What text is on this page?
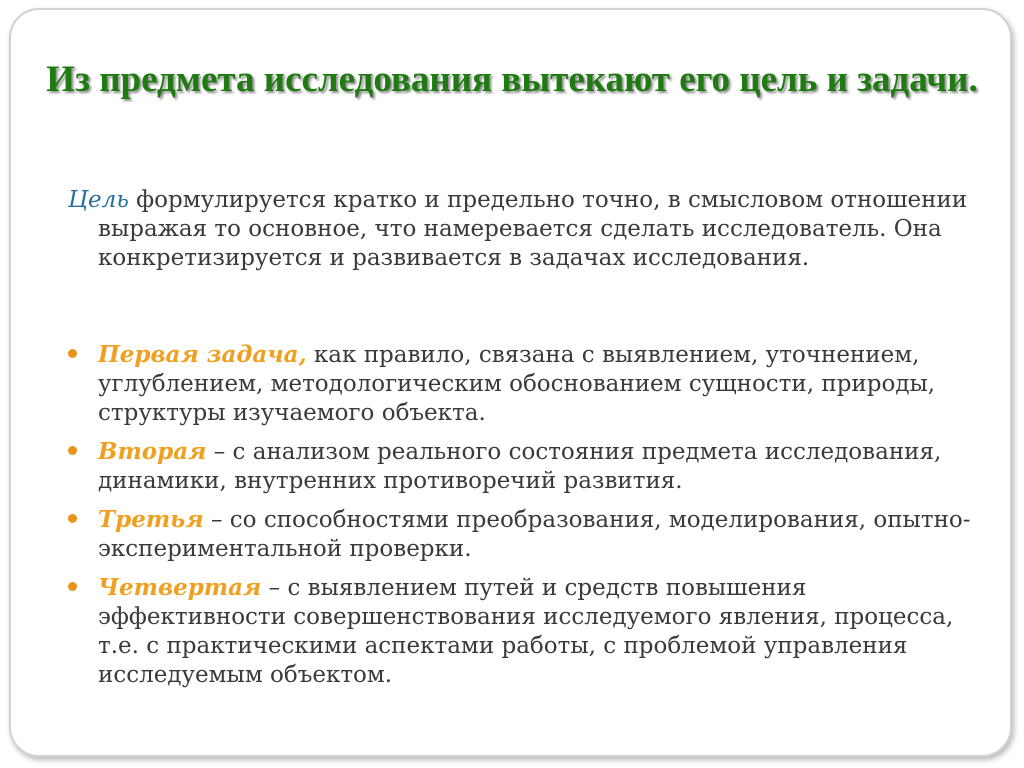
Из предмета исследования вытекают его цель и задачи.

Цель формулируется кратко и предельно точно, в смысловом отношении выражая то основное, что намеревается сделать исследователь. Она конкретизируется и развивается в задачах исследования.

Первая задача, как правило, связана с выявлением, уточнением, углублением, методологическим обоснованием сущности, природы, структуры изучаемого объекта.
Вторая – с анализом реального состояния предмета исследования, динамики, внутренних противоречий развития.
Третья – со способностями преобразования, моделирования, опытно-экспериментальной проверки.
Четвертая – с выявлением путей и средств повышения эффективности совершенствования исследуемого явления, процесса, т.е. с практическими аспектами работы, с проблемой управления исследуемым объектом.
